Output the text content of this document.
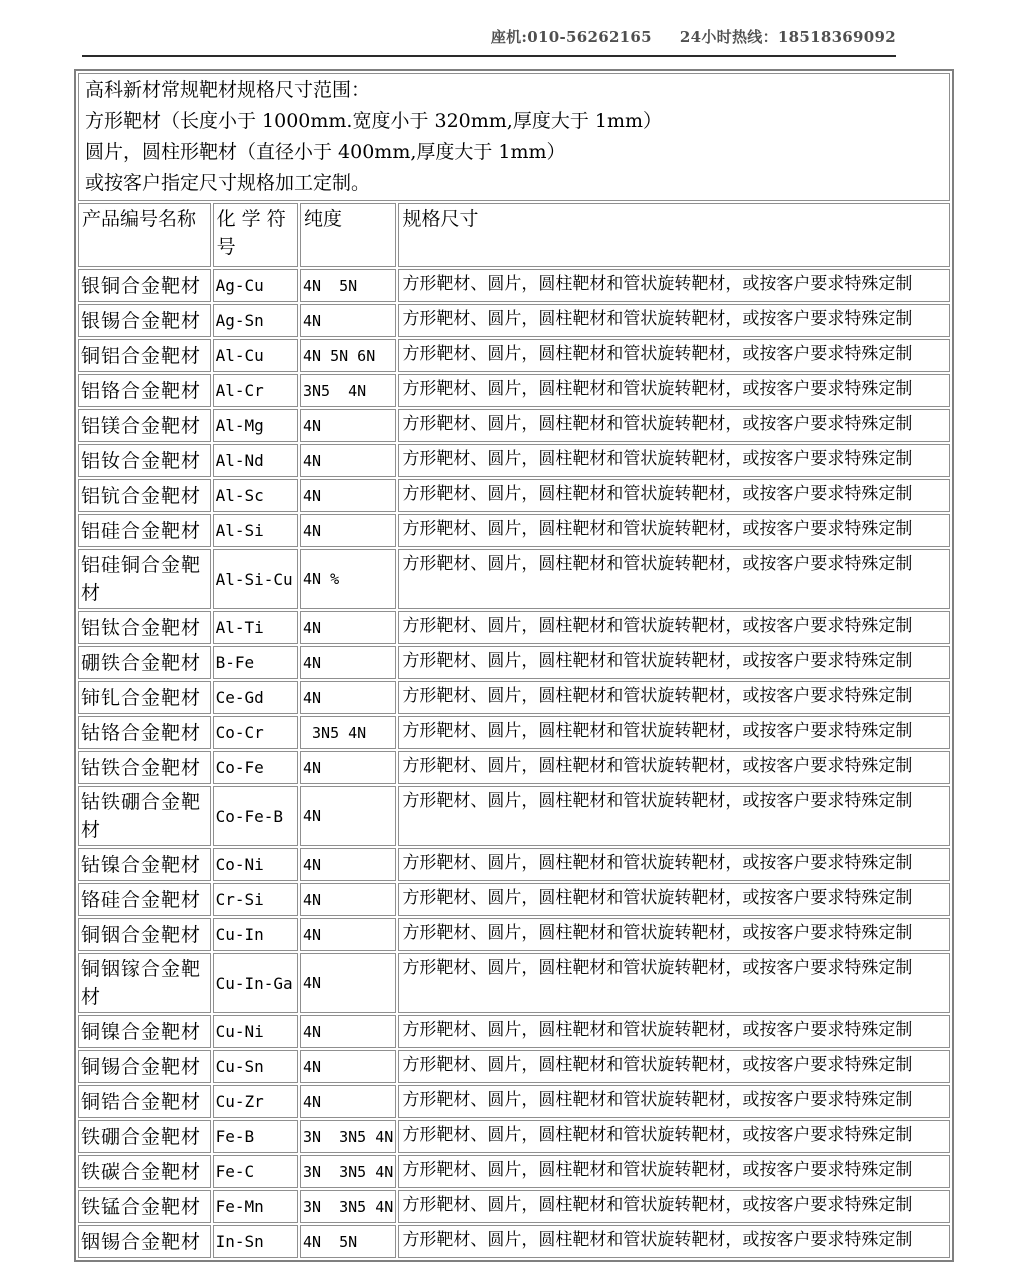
座机:010-56262165 24小时热线：18518369092
高科新材常规靶材规格尺寸范围：
方形靶材（长度小于 1000mm.宽度小于 320mm,厚度大于 1mm）
圆片，圆柱形靶材（直径小于 400mm,厚度大于 1mm）
或按客户指定尺寸规格加工定制。			

产品编号名称	化 学 符 号	纯度	规格尺寸
银铜合金靶材	Ag-Cu	4N  5N	方形靶材、圆片，圆柱靶材和管状旋转靶材，或按客户要求特殊定制
银锡合金靶材	Ag-Sn	4N	方形靶材、圆片，圆柱靶材和管状旋转靶材，或按客户要求特殊定制
铜铝合金靶材	Al-Cu	4N 5N 6N	方形靶材、圆片，圆柱靶材和管状旋转靶材，或按客户要求特殊定制
铝铬合金靶材	Al-Cr	3N5  4N	方形靶材、圆片，圆柱靶材和管状旋转靶材，或按客户要求特殊定制
铝镁合金靶材	Al-Mg	4N	方形靶材、圆片，圆柱靶材和管状旋转靶材，或按客户要求特殊定制
铝钕合金靶材	Al-Nd	4N	方形靶材、圆片，圆柱靶材和管状旋转靶材，或按客户要求特殊定制
铝钪合金靶材	Al-Sc	4N	方形靶材、圆片，圆柱靶材和管状旋转靶材，或按客户要求特殊定制
铝硅合金靶材	Al-Si	4N	方形靶材、圆片，圆柱靶材和管状旋转靶材，或按客户要求特殊定制
铝硅铜合金靶材	Al-Si-Cu	4N %	方形靶材、圆片，圆柱靶材和管状旋转靶材，或按客户要求特殊定制
铝钛合金靶材	Al-Ti	4N	方形靶材、圆片，圆柱靶材和管状旋转靶材，或按客户要求特殊定制
硼铁合金靶材	B-Fe	4N	方形靶材、圆片，圆柱靶材和管状旋转靶材，或按客户要求特殊定制
铈钆合金靶材	Ce-Gd	4N	方形靶材、圆片，圆柱靶材和管状旋转靶材，或按客户要求特殊定制
钴铬合金靶材	Co-Cr	3N5 4N	方形靶材、圆片，圆柱靶材和管状旋转靶材，或按客户要求特殊定制
钴铁合金靶材	Co-Fe	4N	方形靶材、圆片，圆柱靶材和管状旋转靶材，或按客户要求特殊定制
钴铁硼合金靶材	Co-Fe-B	4N	方形靶材、圆片，圆柱靶材和管状旋转靶材，或按客户要求特殊定制
钴镍合金靶材	Co-Ni	4N	方形靶材、圆片，圆柱靶材和管状旋转靶材，或按客户要求特殊定制
铬硅合金靶材	Cr-Si	4N	方形靶材、圆片，圆柱靶材和管状旋转靶材，或按客户要求特殊定制
铜铟合金靶材	Cu-In	4N	方形靶材、圆片，圆柱靶材和管状旋转靶材，或按客户要求特殊定制
铜铟镓合金靶材	Cu-In-Ga	4N	方形靶材、圆片，圆柱靶材和管状旋转靶材，或按客户要求特殊定制
铜镍合金靶材	Cu-Ni	4N	方形靶材、圆片，圆柱靶材和管状旋转靶材，或按客户要求特殊定制
铜锡合金靶材	Cu-Sn	4N	方形靶材、圆片，圆柱靶材和管状旋转靶材，或按客户要求特殊定制
铜锆合金靶材	Cu-Zr	4N	方形靶材、圆片，圆柱靶材和管状旋转靶材，或按客户要求特殊定制
铁硼合金靶材	Fe-B	3N  3N5 4N	方形靶材、圆片，圆柱靶材和管状旋转靶材，或按客户要求特殊定制
铁碳合金靶材	Fe-C	3N  3N5 4N	方形靶材、圆片，圆柱靶材和管状旋转靶材，或按客户要求特殊定制
铁锰合金靶材	Fe-Mn	3N  3N5 4N	方形靶材、圆片，圆柱靶材和管状旋转靶材，或按客户要求特殊定制
铟锡合金靶材	In-Sn	4N  5N	方形靶材、圆片，圆柱靶材和管状旋转靶材，或按客户要求特殊定制
